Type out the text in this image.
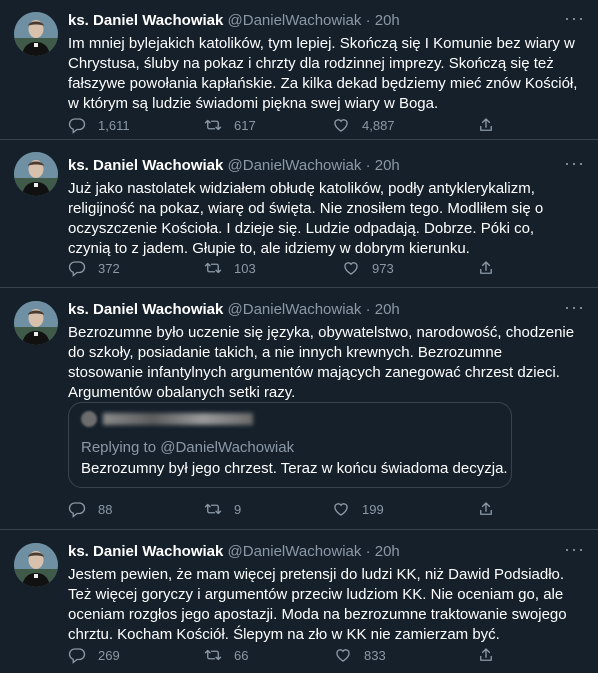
ks. Daniel Wachowiak @DanielWachowiak · 20h	···
Im mniej bylejakich katolików, tym lepiej. Skończą się I Komunie bez wiary w Chrystusa, śluby na pokaz i chrzty dla rodzinnej imprezy. Skończą się też fałszywe powołania kapłańskie. Za kilka dekad będziemy mieć znów Kościół, w którym są ludzie świadomi piękna swej wiary w Boga.
1,611	617	4,887
ks. Daniel Wachowiak @DanielWachowiak · 20h	···
Już jako nastolatek widziałem obłudę katolików, podły antyklerykalizm, religijność na pokaz, wiarę od święta. Nie znosiłem tego. Modliłem się o oczyszczenie Kościoła. I dzieje się. Ludzie odpadają. Dobrze. Póki co, czynią to z jadem. Głupie to, ale idziemy w dobrym kierunku.
372	103	973
ks. Daniel Wachowiak @DanielWachowiak · 20h	···
Bezrozumne było uczenie się języka, obywatelstwo, narodowość, chodzenie do szkoły, posiadanie takich, a nie innych krewnych. Bezrozumne stosowanie infantylnych argumentów mających zanegować chrzest dzieci. Argumentów obalanych setki razy.
Replying to @DanielWachowiak
Bezrozumny był jego chrzest. Teraz w końcu świadoma decyzja.
88	9	199
ks. Daniel Wachowiak @DanielWachowiak · 20h	···
Jestem pewien, że mam więcej pretensji do ludzi KK, niż Dawid Podsiadło. Też więcej goryczy i argumentów przeciw ludziom KK. Nie oceniam go, ale oceniam rozgłos jego apostazji. Moda na bezrozumne traktowanie swojego chrztu. Kocham Kościół. Ślepym na zło w KK nie zamierzam być.
269	66	833
